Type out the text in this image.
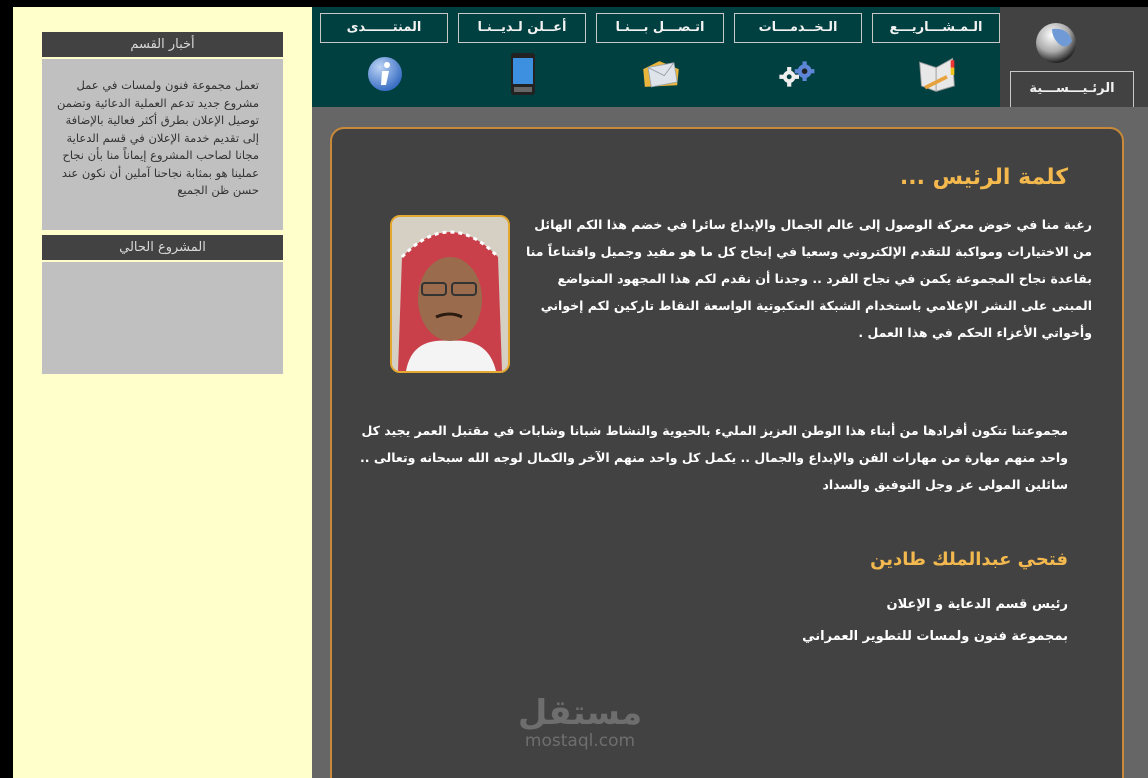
أخبار القسم
تعمل مجموعة فنون ولمسات في عمل مشروع جديد تدعم العملية الدعائية وتضمن توصيل الإعلان بطرق أكثر فعالية بالإضافة إلى تقديم خدمة الإعلان في قسم الدعاية مجانا لصاحب المشروع إيماناً منا بأن نجاح عملينا هو بمثابة نجاحنا آملين أن نكون عند حسن ظن الجميع
المشروع الحالي
المنتــــــدى	أعــلن لـديــنـا	اتـصـــل بـــنـا	الـخــدمـــات	الـمـشـــاريـــع
الرئـيـــســـية
كلمة الرئيس ...
رغبة منا في خوض معركة الوصول إلى عالم الجمال والإبداع سائرا في خضم هذا الكم الهائل من الاختيارات ومواكبة للتقدم الإلكتروني وسعيا في إنجاح كل ما هو مفيد وجميل واقتناعاً منا بقاعدة نجاح المجموعة يكمن في نجاح الفرد .. وجدنا أن نقدم لكم هذا المجهود المتواضع المبنى على النشر الإعلامي باستخدام الشبكة العنكبوتية الواسعة النقاط تاركين لكم إخواني وأخواتي الأعزاء الحكم في هذا العمل .
مجموعتنا تتكون أفرادها من أبناء هذا الوطن العزيز المليء بالحيوية والنشاط شبانا وشابات في مقتبل العمر يجيد كل واحد منهم مهارة من مهارات الفن والإبداع والجمال .. يكمل كل واحد منهم الآخر والكمال لوجه الله سبحانه وتعالى .. سائلين المولى عز وجل التوفيق والسداد
فتحي عبدالملك طادين
رئيس قسم الدعاية و الإعلان
بمجموعة فنون ولمسات للتطوير العمراني
مستقل
mostaql.com
